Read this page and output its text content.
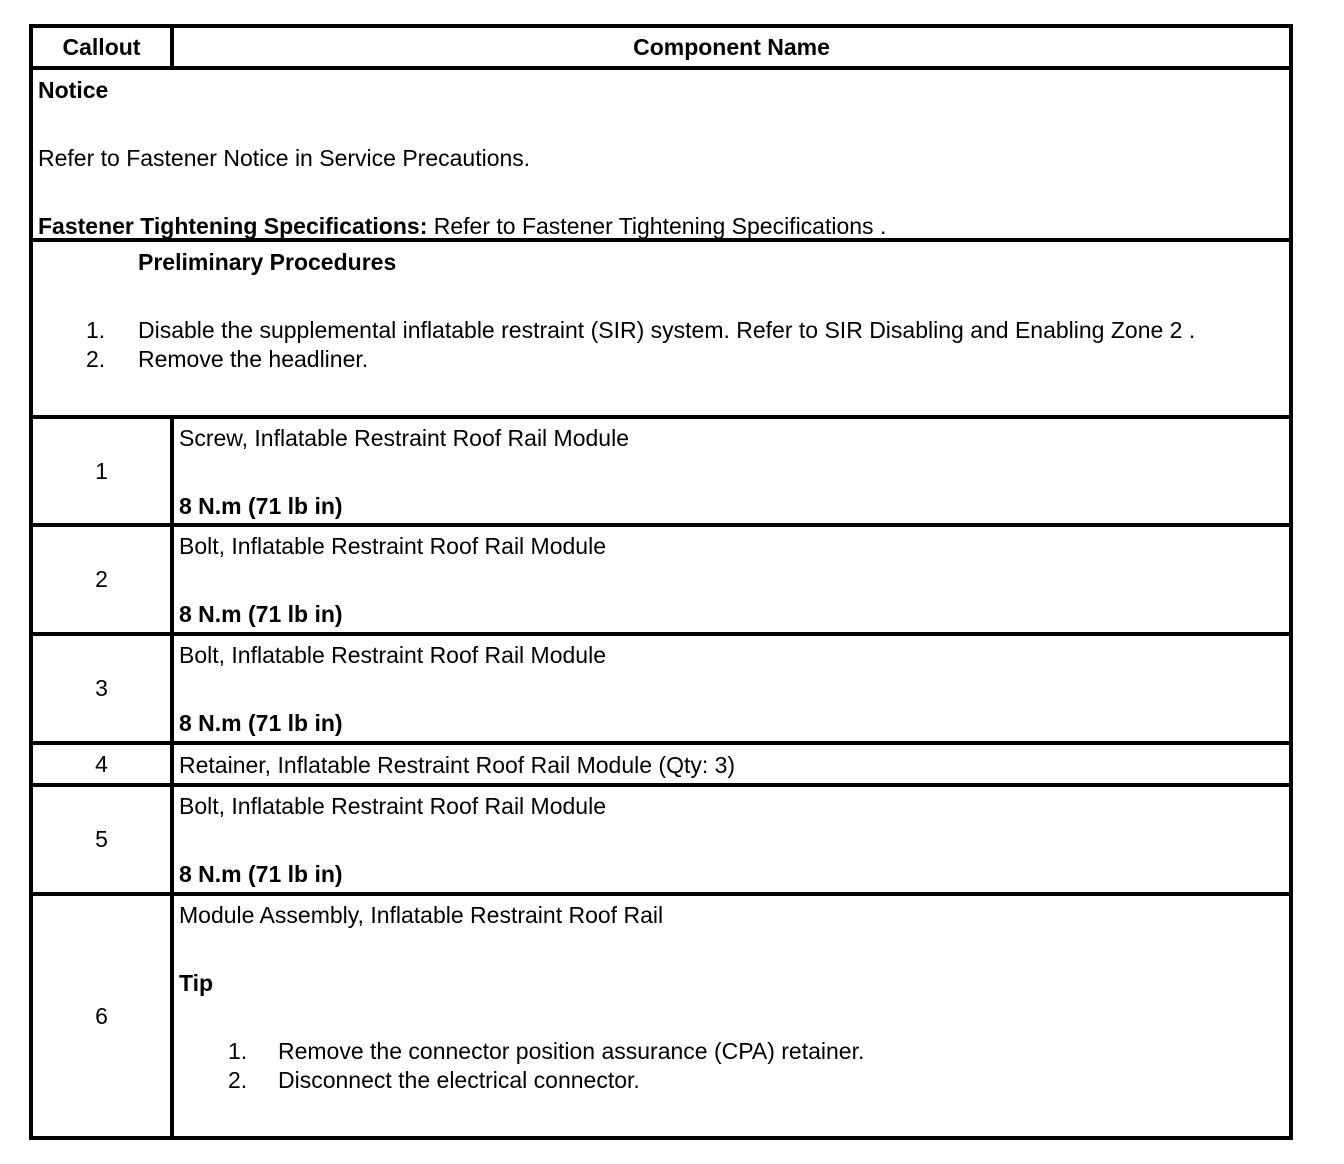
Callout	Component Name
Notice
Refer to Fastener Notice in Service Precautions.
Fastener Tightening Specifications: Refer to Fastener Tightening Specifications .
Preliminary Procedures
1. Disable the supplemental inflatable restraint (SIR) system. Refer to SIR Disabling and Enabling Zone 2 .
2. Remove the headliner.
1
Screw, Inflatable Restraint Roof Rail Module
8 N.m (71 lb in)
2
Bolt, Inflatable Restraint Roof Rail Module
8 N.m (71 lb in)
3
Bolt, Inflatable Restraint Roof Rail Module
8 N.m (71 lb in)
4	Retainer, Inflatable Restraint Roof Rail Module (Qty: 3)
5
Bolt, Inflatable Restraint Roof Rail Module
8 N.m (71 lb in)
6
Module Assembly, Inflatable Restraint Roof Rail
Tip
1. Remove the connector position assurance (CPA) retainer.
2. Disconnect the electrical connector.
